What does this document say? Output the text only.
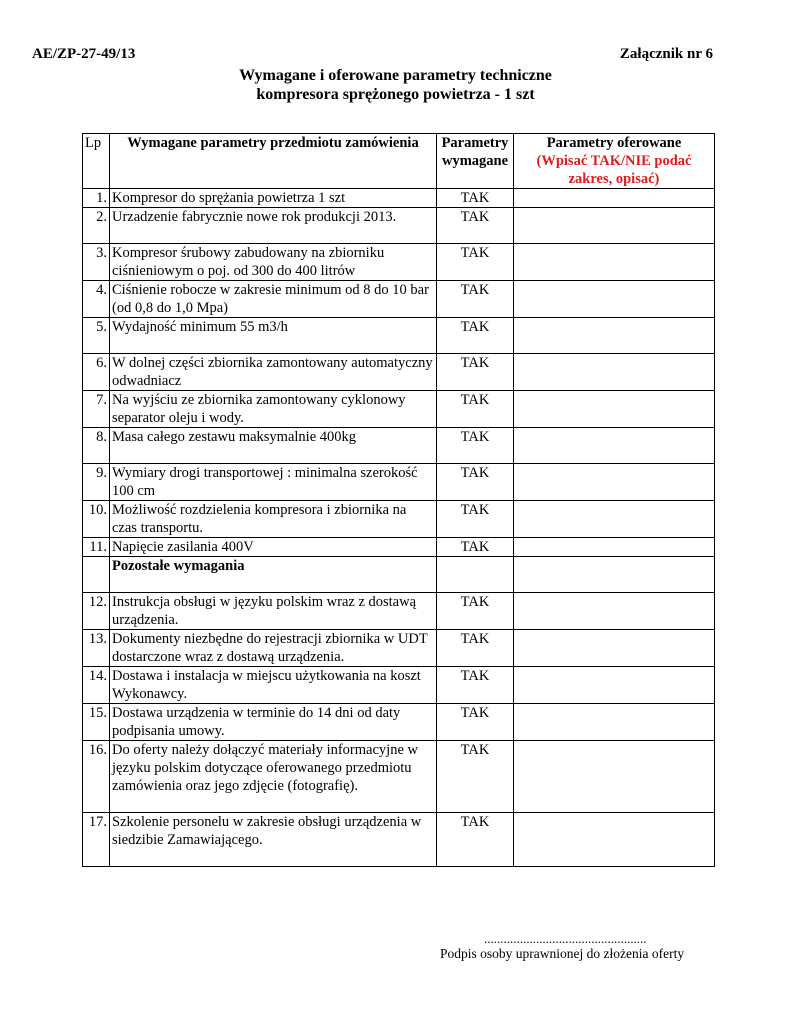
AE/ZP-27-49/13	Załącznik nr 6
Wymagane i oferowane parametry techniczne
kompresora sprężonego powietrza - 1 szt
Lp	Wymagane parametry przedmiotu zamówienia	Parametry wymagane	Parametry oferowane
(Wpisać TAK/NIE podać zakres, opisać)

1.	Kompresor do sprężania powietrza 1 szt	TAK	
2.	Urzadzenie fabrycznie nowe rok produkcji 2013.	TAK	
3.	Kompresor śrubowy zabudowany na zbiorniku ciśnieniowym o poj. od 300 do 400 litrów	TAK	
4.	Ciśnienie robocze w zakresie minimum od 8 do 10 bar (od 0,8 do 1,0 Mpa)	TAK	
5.	Wydajność minimum 55 m3/h	TAK	
6.	W dolnej części zbiornika zamontowany automatyczny odwadniacz	TAK	
7.	Na wyjściu ze zbiornika zamontowany cyklonowy separator oleju i wody.	TAK	
8.	Masa całego zestawu maksymalnie 400kg	TAK	
9.	Wymiary drogi transportowej : minimalna szerokość 100 cm	TAK	
10.	Możliwość rozdzielenia kompresora i zbiornika na czas transportu.	TAK	
11.	Napięcie zasilania 400V	TAK	
	Pozostałe wymagania		
12.	Instrukcja obsługi w języku polskim wraz z dostawą urządzenia.	TAK	
13.	Dokumenty niezbędne do rejestracji zbiornika w UDT dostarczone wraz z dostawą urządzenia.	TAK	
14.	Dostawa i instalacja w miejscu użytkowania na koszt Wykonawcy.	TAK	
15.	Dostawa urządzenia w terminie do 14 dni od daty podpisania umowy.	TAK	
16.	Do oferty należy dołączyć materiały informacyjne w języku polskim dotyczące oferowanego przedmiotu zamówienia oraz jego zdjęcie (fotografię).	TAK	
17.	Szkolenie personelu w zakresie obsługi urządzenia w siedzibie Zamawiającego.	TAK	
..................................................
Podpis osoby uprawnionej do złożenia oferty
